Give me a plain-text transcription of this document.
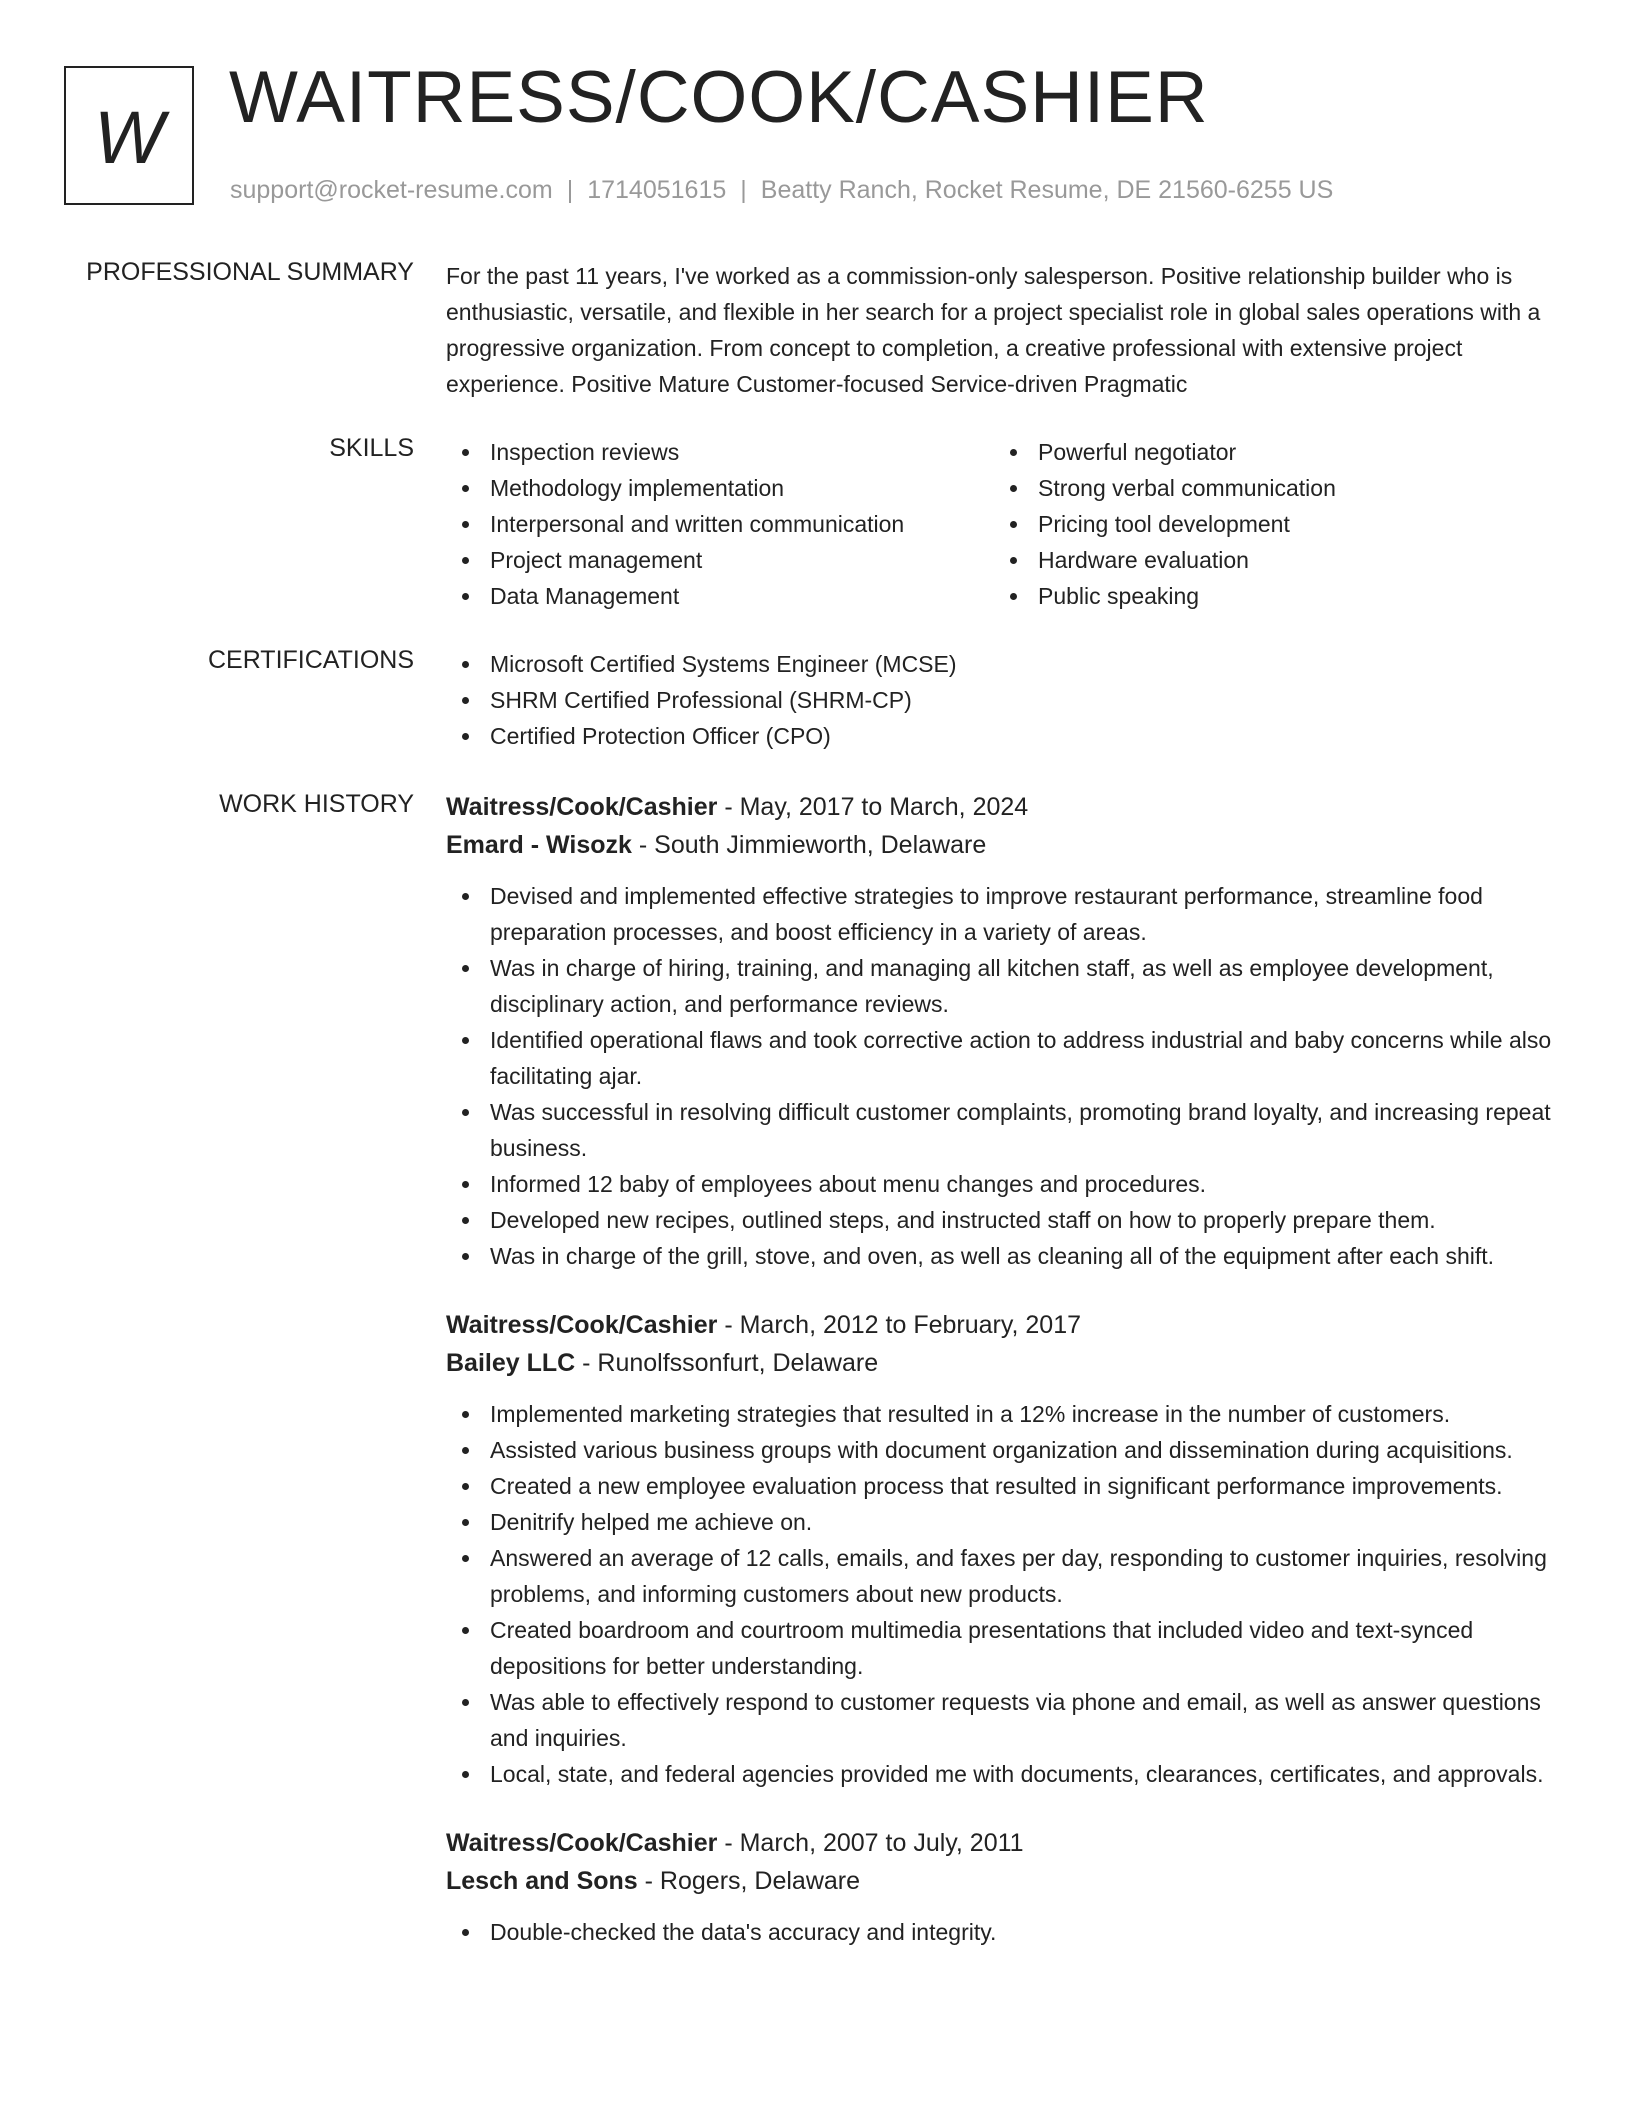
W WAITRESS/COOK/CASHIER
support@rocket-resume.com | 1714051615 | Beatty Ranch, Rocket Resume, DE 21560-6255 US
PROFESSIONAL SUMMARY For the past 11 years, I've worked as a commission-only salesperson. Positive relationship builder who is enthusiastic, versatile, and flexible in her search for a project specialist role in global sales operations with a progressive organization. From concept to completion, a creative professional with extensive project experience. Positive Mature Customer-focused Service-driven Pragmatic

SKILLS	Inspection reviews
Methodology implementation
Interpersonal and written communication
Project management
Data Management
Powerful negotiator
Strong verbal communication
Pricing tool development
Hardware evaluation
Public speaking
CERTIFICATIONS	Microsoft Certified Systems Engineer (MCSE)
SHRM Certified Professional (SHRM-CP)
Certified Protection Officer (CPO)
WORK HISTORY Waitress/Cook/Cashier - May, 2017 to March, 2024
Emard - Wisozk - South Jimmieworth, Delaware
Devised and implemented effective strategies to improve restaurant performance, streamline food preparation processes, and boost efficiency in a variety of areas.
Was in charge of hiring, training, and managing all kitchen staff, as well as employee development, disciplinary action, and performance reviews.
Identified operational flaws and took corrective action to address industrial and baby concerns while also facilitating ajar.
Was successful in resolving difficult customer complaints, promoting brand loyalty, and increasing repeat business.
Informed 12 baby of employees about menu changes and procedures.
Developed new recipes, outlined steps, and instructed staff on how to properly prepare them.
Was in charge of the grill, stove, and oven, as well as cleaning all of the equipment after each shift.
Waitress/Cook/Cashier - March, 2012 to February, 2017
Bailey LLC - Runolfssonfurt, Delaware
Implemented marketing strategies that resulted in a 12% increase in the number of customers.
Assisted various business groups with document organization and dissemination during acquisitions.
Created a new employee evaluation process that resulted in significant performance improvements.
Denitrify helped me achieve on.
Answered an average of 12 calls, emails, and faxes per day, responding to customer inquiries, resolving problems, and informing customers about new products.
Created boardroom and courtroom multimedia presentations that included video and text-synced depositions for better understanding.
Was able to effectively respond to customer requests via phone and email, as well as answer questions and inquiries.
Local, state, and federal agencies provided me with documents, clearances, certificates, and approvals.
Waitress/Cook/Cashier - March, 2007 to July, 2011
Lesch and Sons - Rogers, Delaware
Double-checked the data's accuracy and integrity.
